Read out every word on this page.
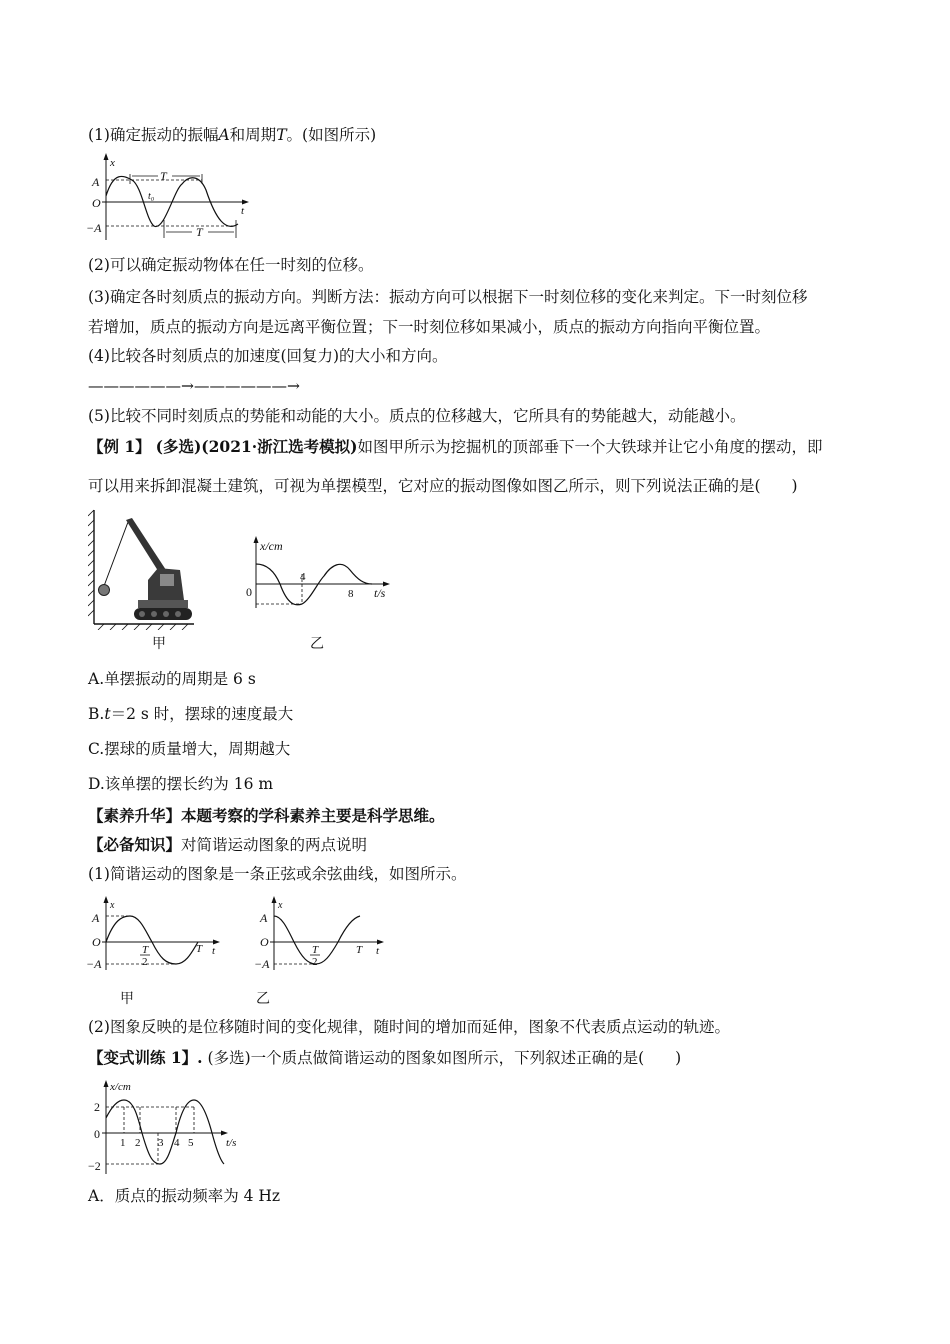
(1)确定振动的振幅A和周期T。(如图所示)
x
A
O
−A
t
T
t₀
T
(2)可以确定振动物体在任一时刻的位移。
(3)确定各时刻质点的振动方向。判断方法：振动方向可以根据下一时刻位移的变化来判定。下一时刻位移
若增加，质点的振动方向是远离平衡位置；下一时刻位移如果减小，质点的振动方向指向平衡位置。
(4)比较各时刻质点的加速度(回复力)的大小和方向。
——————→——————→
(5)比较不同时刻质点的势能和动能的大小。质点的位移越大，它所具有的势能越大，动能越小。
【例 1】 (多选)(2021·浙江选考模拟)如图甲所示为挖掘机的顶部垂下一个大铁球并让它小角度的摆动，即
可以用来拆卸混凝土建筑，可视为单摆模型，它对应的振动图像如图乙所示，则下列说法正确的是(　　)
甲
x/cm
0
4
8 t/s
乙
A.单摆振动的周期是 6 s
B.t＝2 s 时，摆球的速度最大
C.摆球的质量增大，周期越大
D.该单摆的摆长约为 16 m
【素养升华】本题考察的学科素养主要是科学思维。
【必备知识】对简谐运动图象的两点说明
(1)简谐运动的图象是一条正弦或余弦曲线，如图所示。
x
A
O
−A
T
2
T t
甲
x
A
O
−A
T
2
T t
乙
(2)图象反映的是位移随时间的变化规律，随时间的增加而延伸，图象不代表质点运动的轨迹。
【变式训练 1】. (多选)一个质点做简谐运动的图象如图所示，下列叙述正确的是(　　)
x/cm
2
0
−2
1 2 3 4 5	t/s
A．质点的振动频率为 4 Hz
